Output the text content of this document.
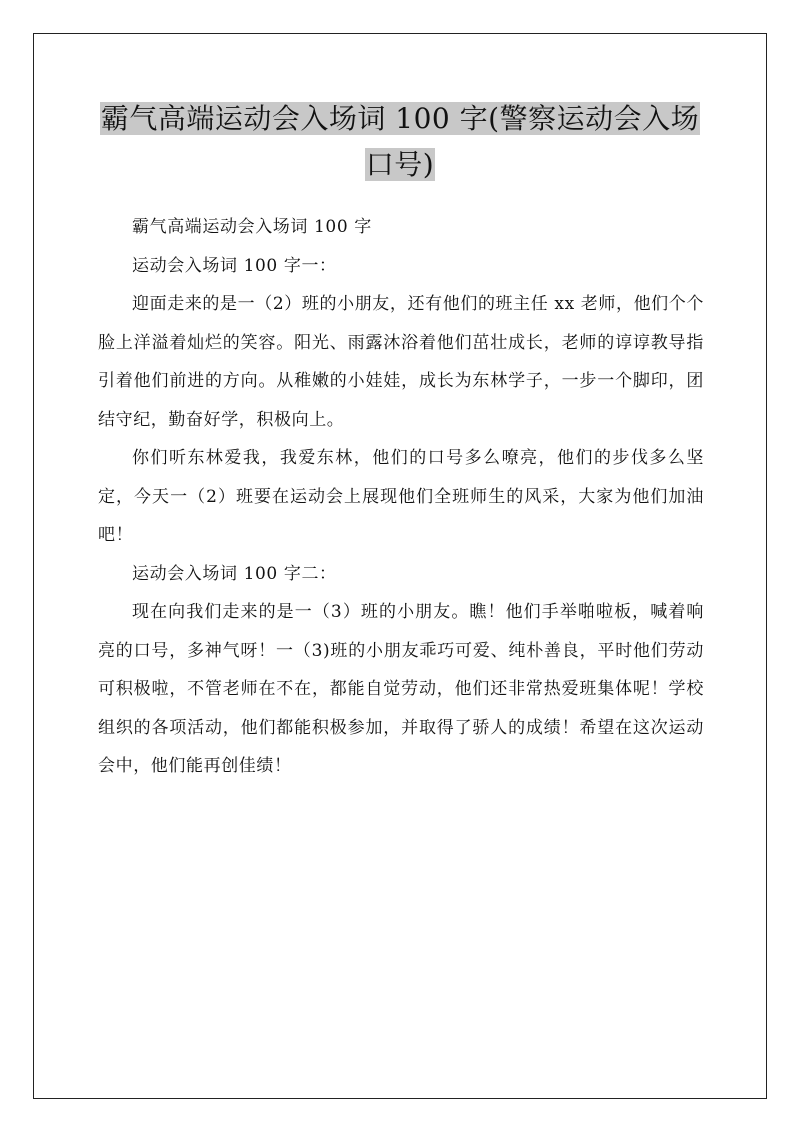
霸气高端运动会入场词 100 字(警察运动会入场
口号)

霸气高端运动会入场词 100 字

运动会入场词 100 字一：

迎面走来的是一（2）班的小朋友，还有他们的班主任 xx 老师，他们个个脸上洋溢着灿烂的笑容。阳光、雨露沐浴着他们茁壮成长，老师的谆谆教导指引着他们前进的方向。从稚嫩的小娃娃，成长为东林学子，一步一个脚印，团结守纪，勤奋好学，积极向上。

你们听东林爱我，我爱东林，他们的口号多么嘹亮，他们的步伐多么坚定，今天一（2）班要在运动会上展现他们全班师生的风采，大家为他们加油吧！

运动会入场词 100 字二：

现在向我们走来的是一（3）班的小朋友。瞧！他们手举啪啦板，喊着响亮的口号，多神气呀！一（3)班的小朋友乖巧可爱、纯朴善良，平时他们劳动可积极啦，不管老师在不在，都能自觉劳动，他们还非常热爱班集体呢！学校组织的各项活动，他们都能积极参加，并取得了骄人的成绩！希望在这次运动会中，他们能再创佳绩！
